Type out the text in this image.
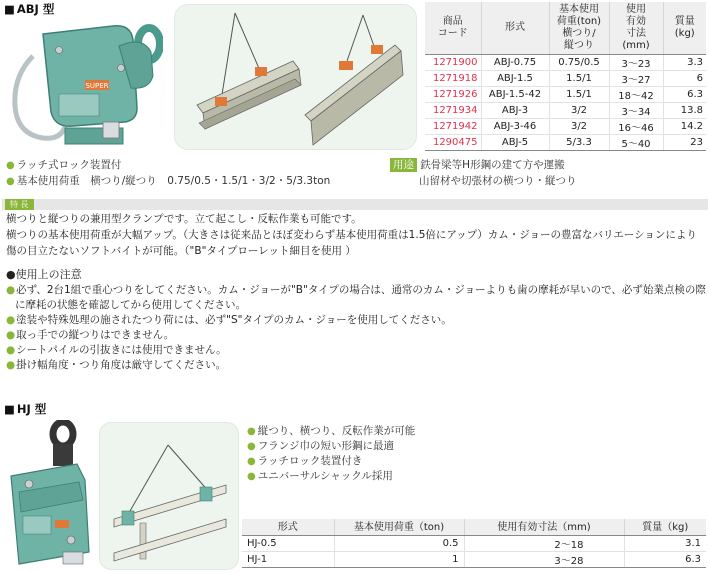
■ ABJ 型
SUPER
商品
コード	形式	基本使用
荷重(ton)
横つり/
縦つり	使用
有効
寸法
(mm)	質量
(kg)
1271900	ABJ-0.75	0.75/0.5	3〜23	3.3
1271918	ABJ-1.5	1.5/1	3〜27	6
1271926	ABJ-1.5-42	1.5/1	18〜42	6.3
1271934	ABJ-3	3/2	3〜34	13.8
1271942	ABJ-3-46	3/2	16〜46	14.2
1290475	ABJ-5	5/3.3	5〜40	23
● ラッチ式ロック装置付
● 基本使用荷重　横つり/縦つり　0.75/0.5・1.5/1・3/2・5/3.3ton
用途 鉄骨梁等H形鋼の建て方や運搬
山留材や切張材の横つり・縦つり
特 長
横つりと縦つりの兼用型クランプです。立て起こし・反転作業も可能です。
横つりの基本使用荷重が大幅アップ。（大きさは従来品とほぼ変わらず基本使用荷重は1.5倍にアップ）カム・ジョーの豊富なバリエーションにより
傷の目立たないソフトバイトが可能。（"B"タイプローレット細目を使用 ）
●使用上の注意
●必ず、2台1組で重心つりをしてください。カム・ジョーが"B"タイプの場合は、通常のカム・ジョーよりも歯の摩耗が早いので、必ず始業点検の際
に摩耗の状態を確認してから使用してください。
●塗装や特殊処理の施されたつり荷には、必ず"S"タイプのカム・ジョーを使用してください。
●取っ手での縦つりはできません。
●シートパイルの引抜きには使用できません。
●掛け幅角度・つり角度は厳守してください。
■ HJ 型
● 縦つり、横つり、反転作業が可能
● フランジ巾の短い形鋼に最適
● ラッチロック装置付き
● ユニバーサルシャックル採用
形式	基本使用荷重（ton)	使用有効寸法（mm)	質量（kg)
HJ-0.5	0.5	2〜18	3.1
HJ-1	1	3〜28	6.3
